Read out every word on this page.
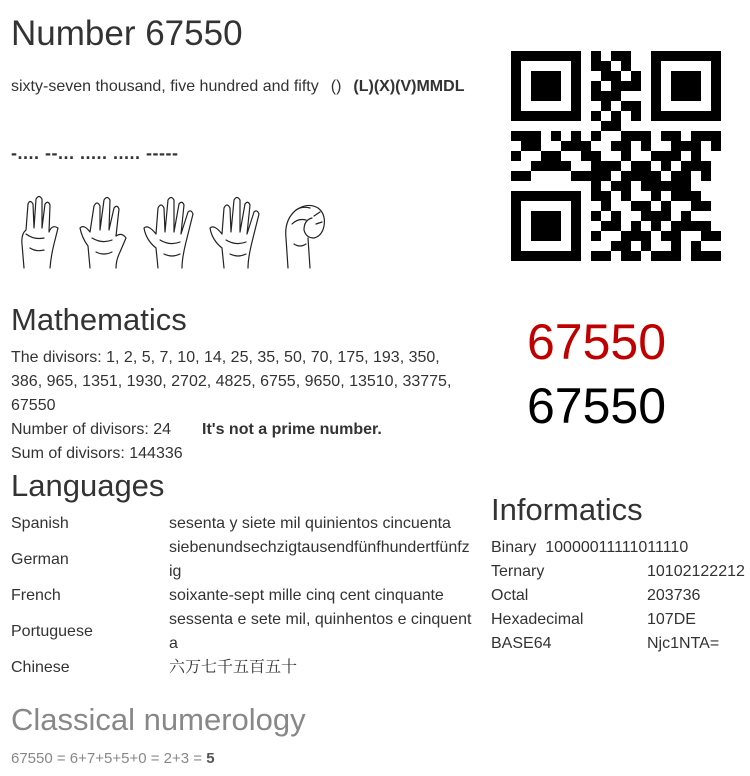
Number 67550
sixty-seven thousand, five hundred and fifty () (L)(X)(V)MMDL
-.... --... ..... ..... -----
67550
67550
Mathematics
The divisors: 1, 2, 5, 7, 10, 14, 25, 35, 50, 70, 175, 193, 350, 386, 965, 1351, 1930, 2702, 4825, 6755, 9650, 13510, 33775, 67550
Number of divisors: 24 It's not a prime number.
Sum of divisors: 144336
Languages
Spanish	sesenta y siete mil quinientos cincuenta
German	siebenundsechzigtausendfünfhundertfünfzig
French	soixante-sept mille cinq cent cinquante
Portuguese	sessenta e sete mil, quinhentos e cinquenta
Chinese	六万七千五百五十
Informatics
Binary 10000011111011110	
Ternary	10102122212
Octal	203736
Hexadecimal	107DE
BASE64	Njc1NTA=
Classical numerology
67550 = 6+7+5+5+0 = 2+3 = 5
